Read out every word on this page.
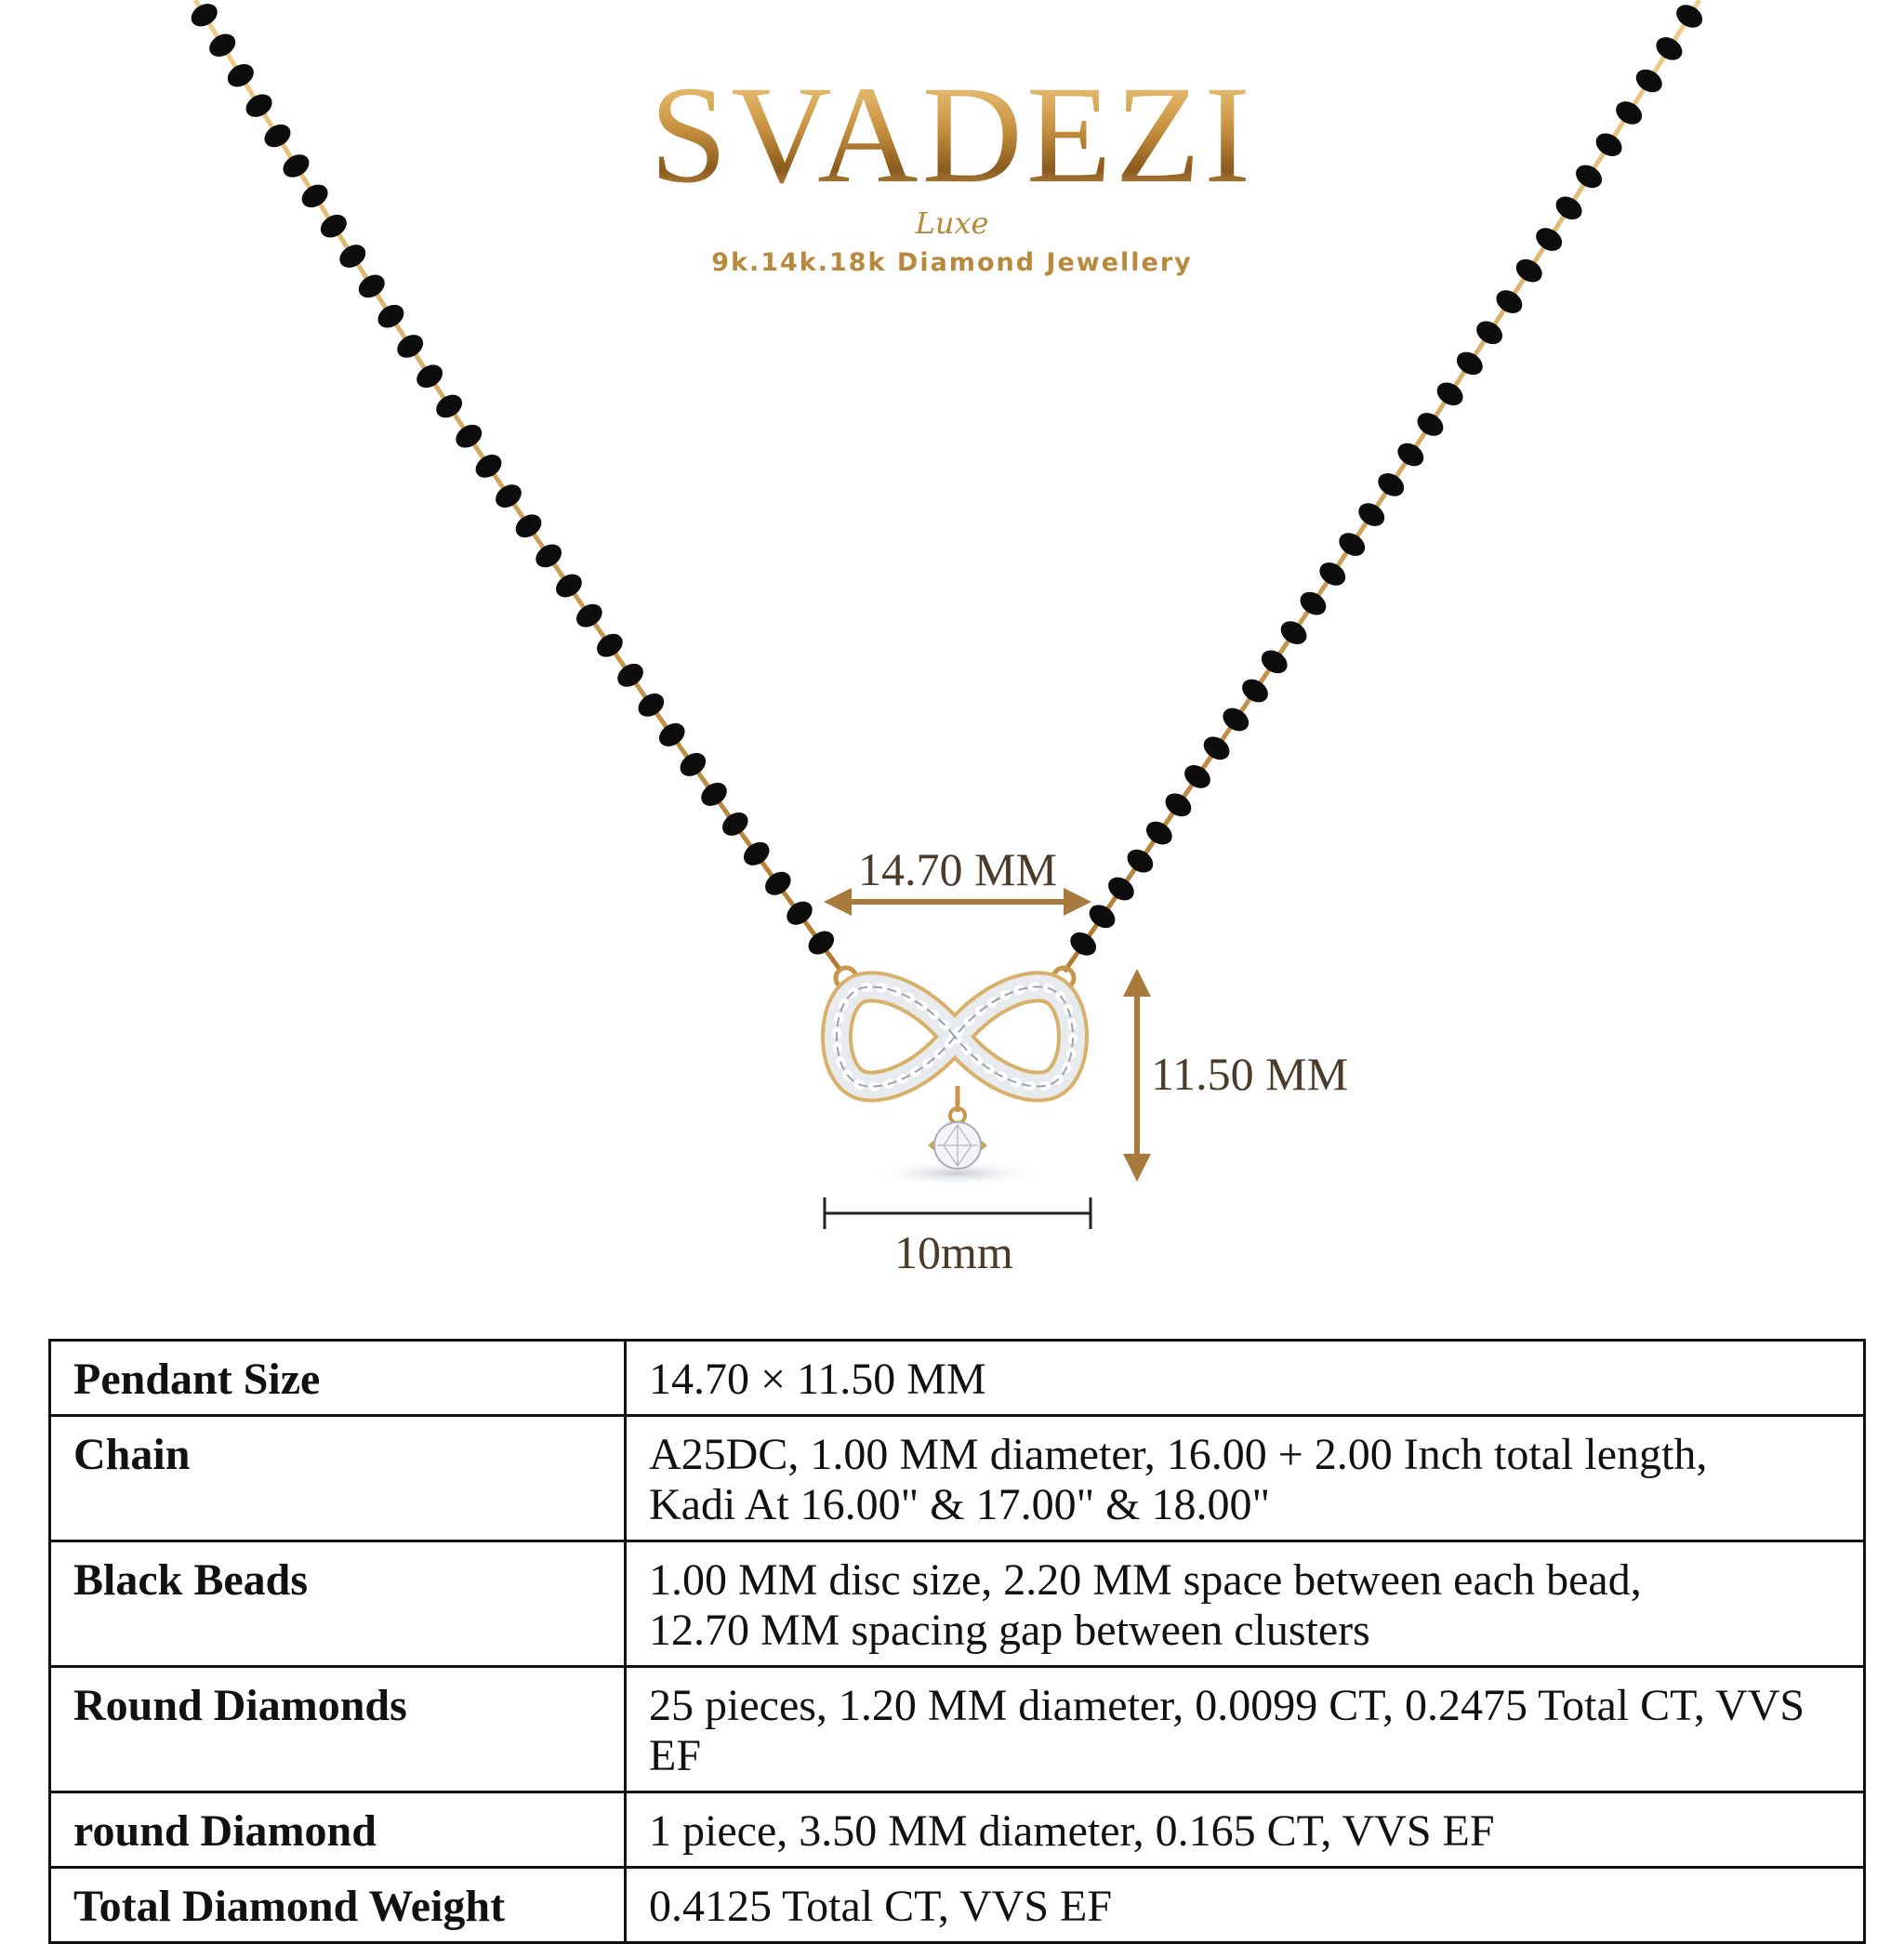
SVADEZI
Luxe
9k.14k.18k Diamond Jewellery
14.70 MM
11.50 MM
10mm
Pendant Size	14.70 × 11.50 MM

Chain	A25DC, 1.00 MM diameter, 16.00 + 2.00 Inch total length,
Kadi At 16.00" & 17.00" & 18.00"

Black Beads	1.00 MM disc size, 2.20 MM space between each bead,
12.70 MM spacing gap between clusters

Round Diamonds	25 pieces, 1.20 MM diameter, 0.0099 CT, 0.2475 Total CT, VVS EF

round Diamond	1 piece, 3.50 MM diameter, 0.165 CT, VVS EF

Total Diamond Weight	0.4125 Total CT, VVS EF
